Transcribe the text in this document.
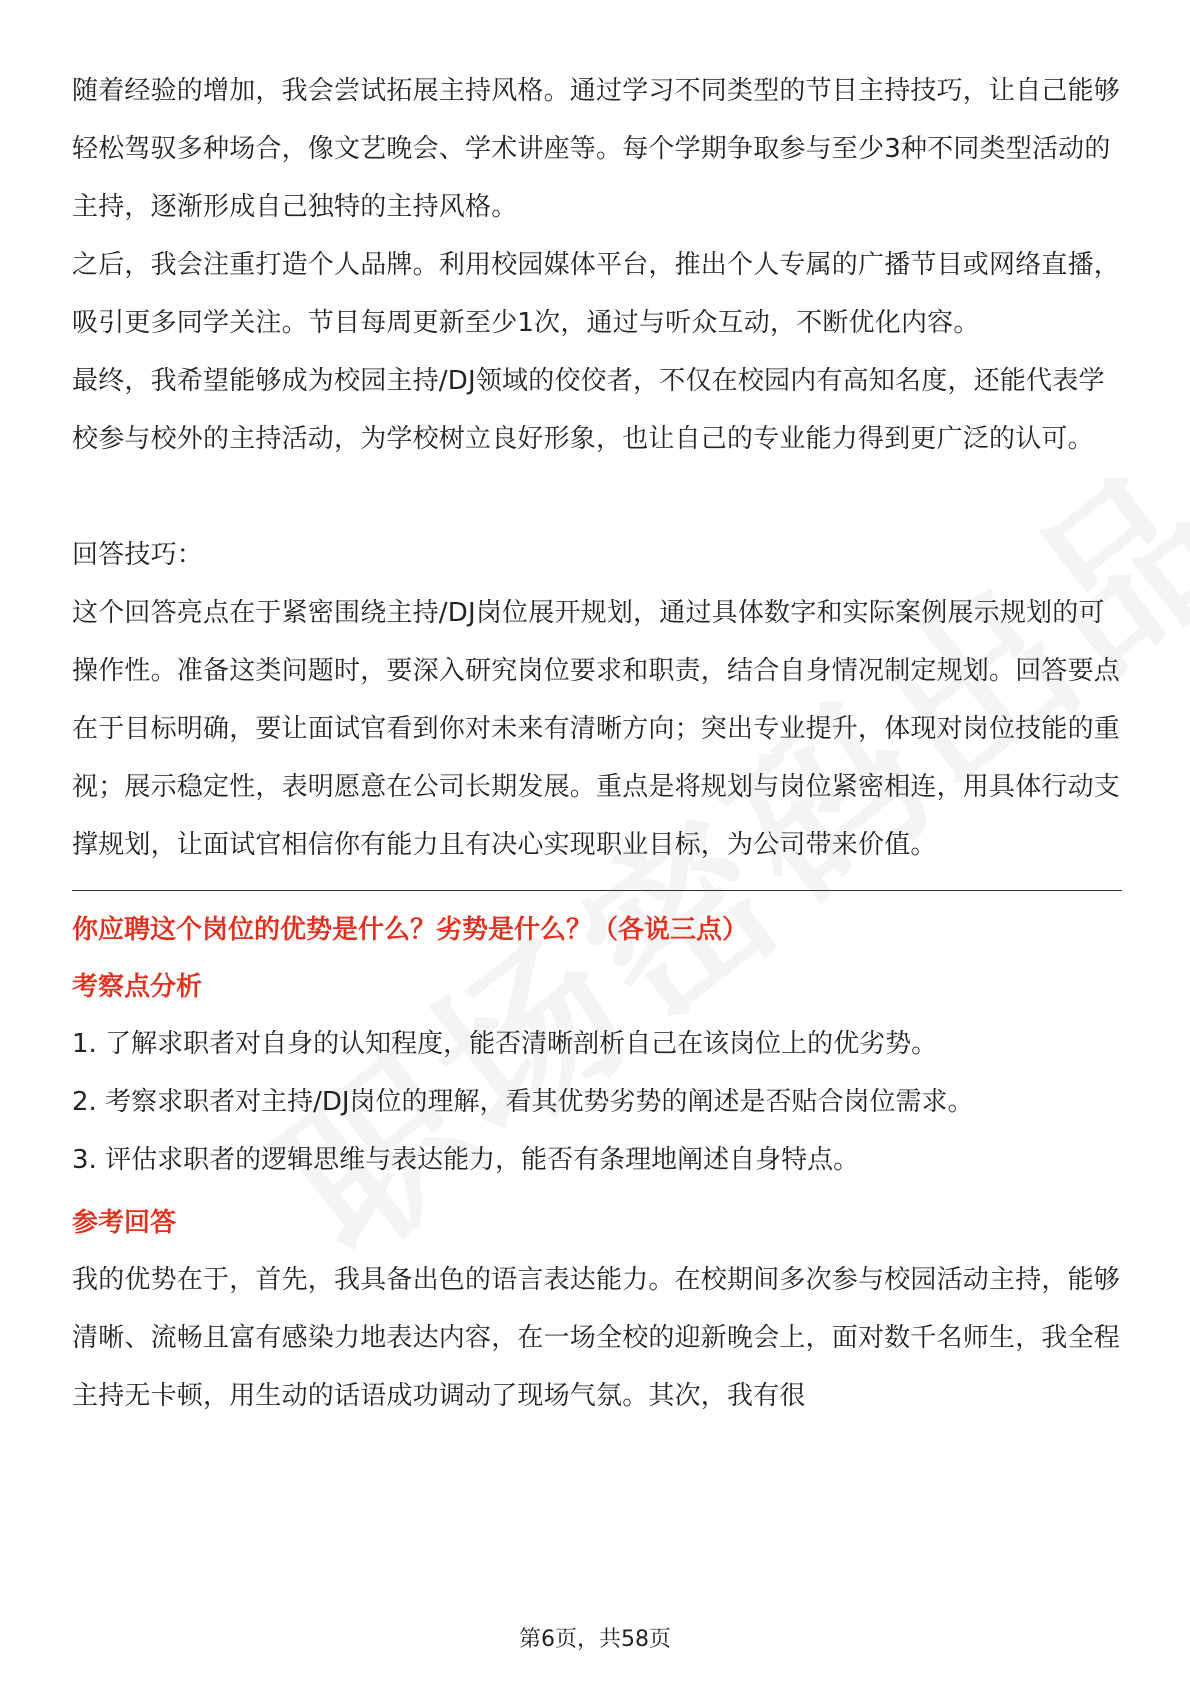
随着经验的增加，我会尝试拓展主持风格。通过学习不同类型的节目主持技巧，让自己能够轻松驾驭多种场合，像文艺晚会、学术讲座等。每个学期争取参与至少3种不同类型活动的主持，逐渐形成自己独特的主持风格。

之后，我会注重打造个人品牌。利用校园媒体平台，推出个人专属的广播节目或网络直播，吸引更多同学关注。节目每周更新至少1次，通过与听众互动，不断优化内容。

最终，我希望能够成为校园主持/DJ领域的佼佼者，不仅在校园内有高知名度，还能代表学校参与校外的主持活动，为学校树立良好形象，也让自己的专业能力得到更广泛的认可。

回答技巧：

这个回答亮点在于紧密围绕主持/DJ岗位展开规划，通过具体数字和实际案例展示规划的可操作性。准备这类问题时，要深入研究岗位要求和职责，结合自身情况制定规划。回答要点在于目标明确，要让面试官看到你对未来有清晰方向；突出专业提升，体现对岗位技能的重视；展示稳定性，表明愿意在公司长期发展。重点是将规划与岗位紧密相连，用具体行动支撑规划，让面试官相信你有能力且有决心实现职业目标，为公司带来价值。

你应聘这个岗位的优势是什么？劣势是什么？（各说三点）

考察点分析

1. 了解求职者对自身的认知程度，能否清晰剖析自己在该岗位上的优劣势。
2. 考察求职者对主持/DJ岗位的理解，看其优势劣势的阐述是否贴合岗位需求。
3. 评估求职者的逻辑思维与表达能力，能否有条理地阐述自身特点。

参考回答

我的优势在于，首先，我具备出色的语言表达能力。在校期间多次参与校园活动主持，能够清晰、流畅且富有感染力地表达内容，在一场全校的迎新晚会上，面对数千名师生，我全程主持无卡顿，用生动的话语成功调动了现场气氛。其次，我有很

第6页，共58页
